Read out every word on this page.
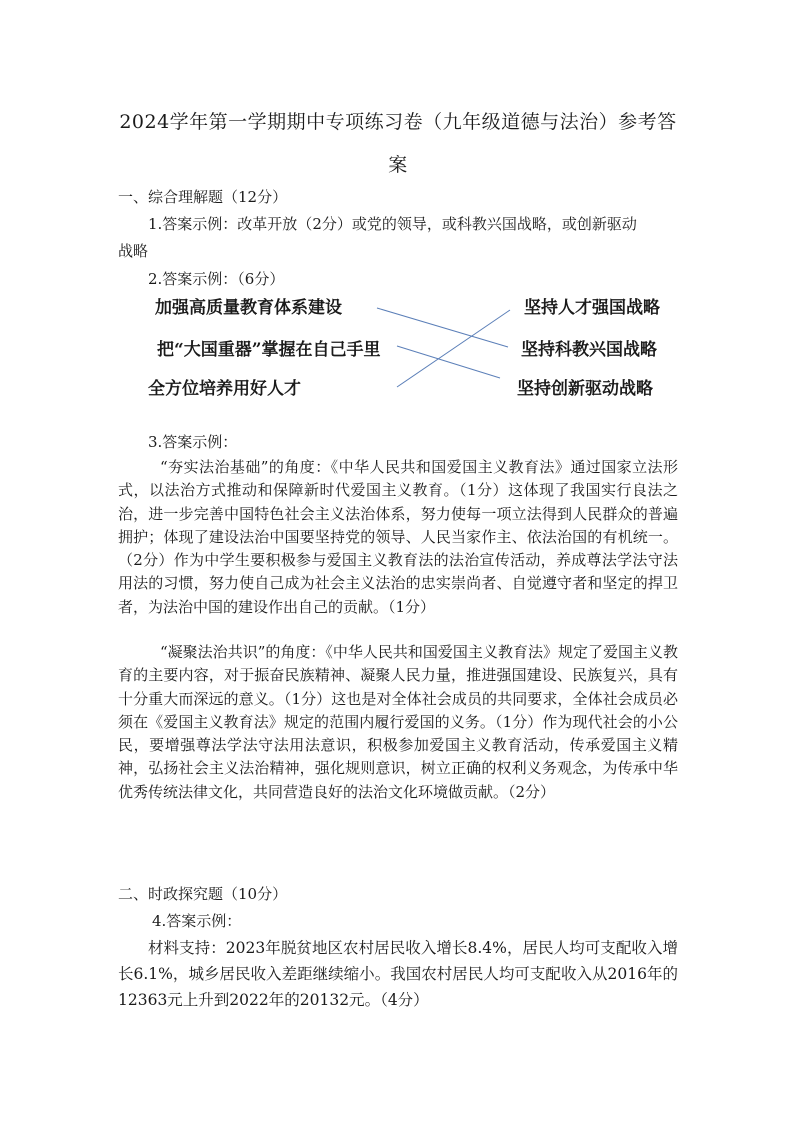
2024学年第一学期期中专项练习卷（九年级道德与法治）参考答
案
一、综合理解题（12分）
1.答案示例：改革开放（2分）或党的领导，或科教兴国战略，或创新驱动
战略
2.答案示例：（6分）
加强高质量教育体系建设
把“大国重器”掌握在自己手里
全方位培养用好人才
坚持人才强国战略
坚持科教兴国战略
坚持创新驱动战略
3.答案示例：
“夯实法治基础”的角度：《中华人民共和国爱国主义教育法》通过国家立法形式，以法治方式推动和保障新时代爱国主义教育。（1分）这体现了我国实行良法之治，进一步完善中国特色社会主义法治体系，努力使每一项立法得到人民群众的普遍拥护；体现了建设法治中国要坚持党的领导、人民当家作主、依法治国的有机统一。（2分）作为中学生要积极参与爱国主义教育法的法治宣传活动，养成尊法学法守法用法的习惯，努力使自己成为社会主义法治的忠实崇尚者、自觉遵守者和坚定的捍卫者，为法治中国的建设作出自己的贡献。（1分）
“凝聚法治共识”的角度：《中华人民共和国爱国主义教育法》规定了爱国主义教育的主要内容，对于振奋民族精神、凝聚人民力量，推进强国建设、民族复兴，具有十分重大而深远的意义。（1分）这也是对全体社会成员的共同要求，全体社会成员必须在《爱国主义教育法》规定的范围内履行爱国的义务。（1分）作为现代社会的小公民，要增强尊法学法守法用法意识，积极参加爱国主义教育活动，传承爱国主义精神，弘扬社会主义法治精神，强化规则意识，树立正确的权利义务观念，为传承中华优秀传统法律文化，共同营造良好的法治文化环境做贡献。（2分）
二、时政探究题（10分）
4.答案示例：
材料支持：2023年脱贫地区农村居民收入增长8.4%，居民人均可支配收入增长6.1%，城乡居民收入差距继续缩小。我国农村居民人均可支配收入从2016年的12363元上升到2022年的20132元。（4分）
